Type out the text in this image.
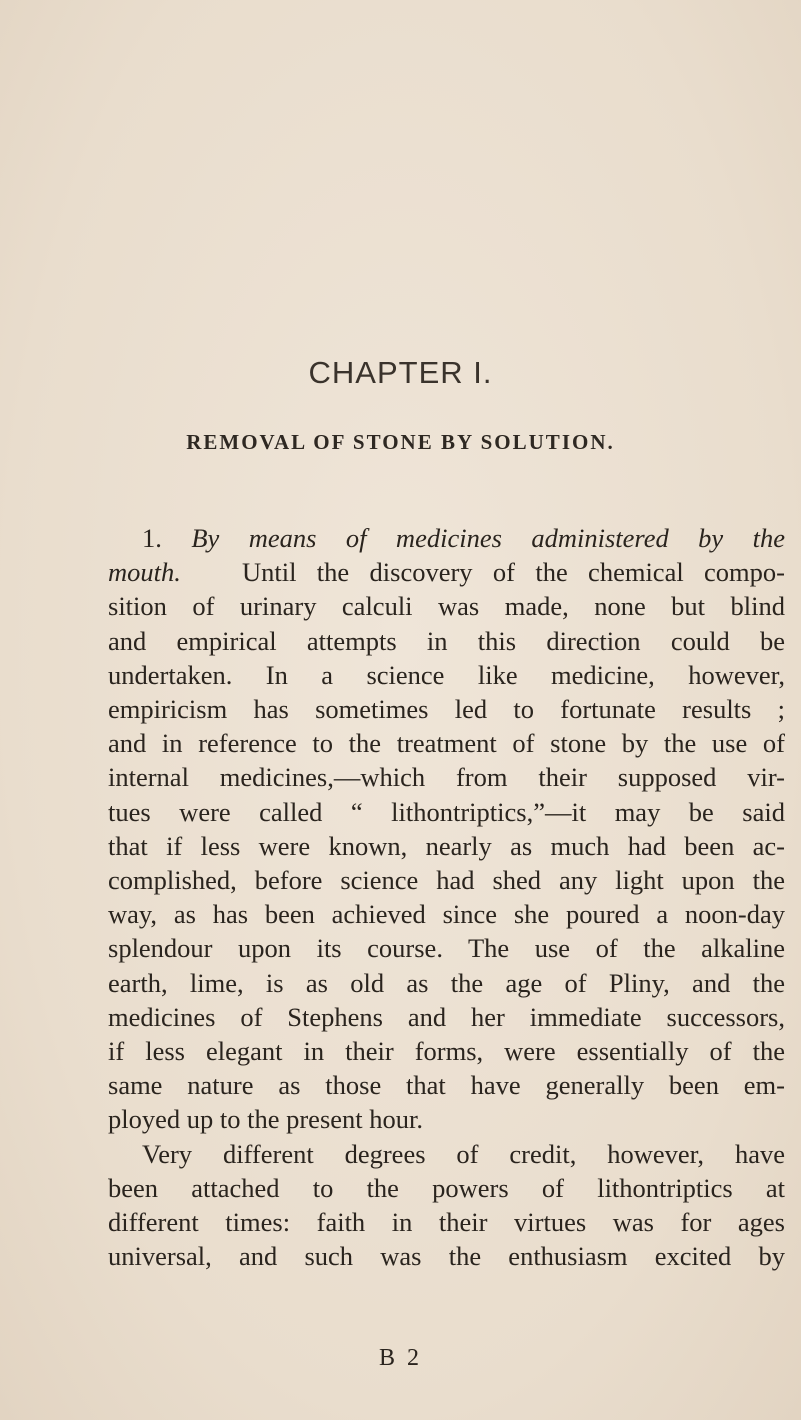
CHAPTER I.
REMOVAL OF STONE BY SOLUTION.

1. By means of medicines administered by the
mouth. Until the discovery of the chemical compo-
sition of urinary calculi was made, none but blind
and empirical attempts in this direction could be
undertaken. In a science like medicine, however,
empiricism has sometimes led to fortunate results ;
and in reference to the treatment of stone by the use of
internal medicines,—which from their supposed vir-
tues were called “ lithontriptics,”—it may be said
that if less were known, nearly as much had been ac-
complished, before science had shed any light upon the
way, as has been achieved since she poured a noon-day
splendour upon its course. The use of the alkaline
earth, lime, is as old as the age of Pliny, and the
medicines of Stephens and her immediate successors,
if less elegant in their forms, were essentially of the
same nature as those that have generally been em-
ployed up to the present hour.

Very different degrees of credit, however, have
been attached to the powers of lithontriptics at
different times: faith in their virtues was for ages
universal, and such was the enthusiasm excited by

B 2
